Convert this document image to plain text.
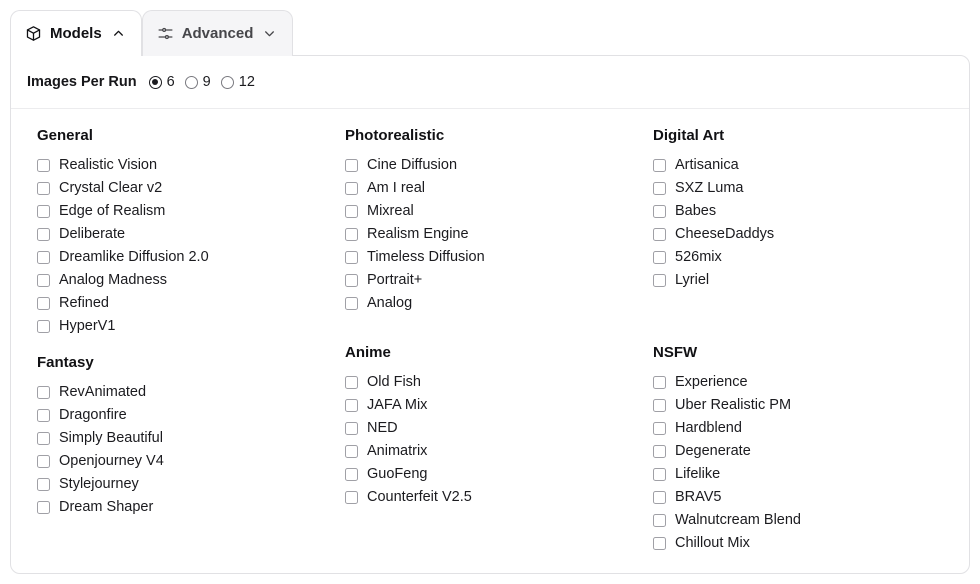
Models	Advanced
Images Per Run 6 9 12
General
Realistic Vision
Crystal Clear v2
Edge of Realism
Deliberate
Dreamlike Diffusion 2.0
Analog Madness
Refined
HyperV1
Fantasy
RevAnimated
Dragonfire
Simply Beautiful
Openjourney V4
Stylejourney
Dream Shaper
Photorealistic
Cine Diffusion
Am I real
Mixreal
Realism Engine
Timeless Diffusion
Portrait+
Analog
Anime
Old Fish
JAFA Mix
NED
Animatrix
GuoFeng
Counterfeit V2.5
Digital Art
Artisanica
SXZ Luma
Babes
CheeseDaddys
526mix
Lyriel
NSFW
Experience
Uber Realistic PM
Hardblend
Degenerate
Lifelike
BRAV5
Walnutcream Blend
Chillout Mix
